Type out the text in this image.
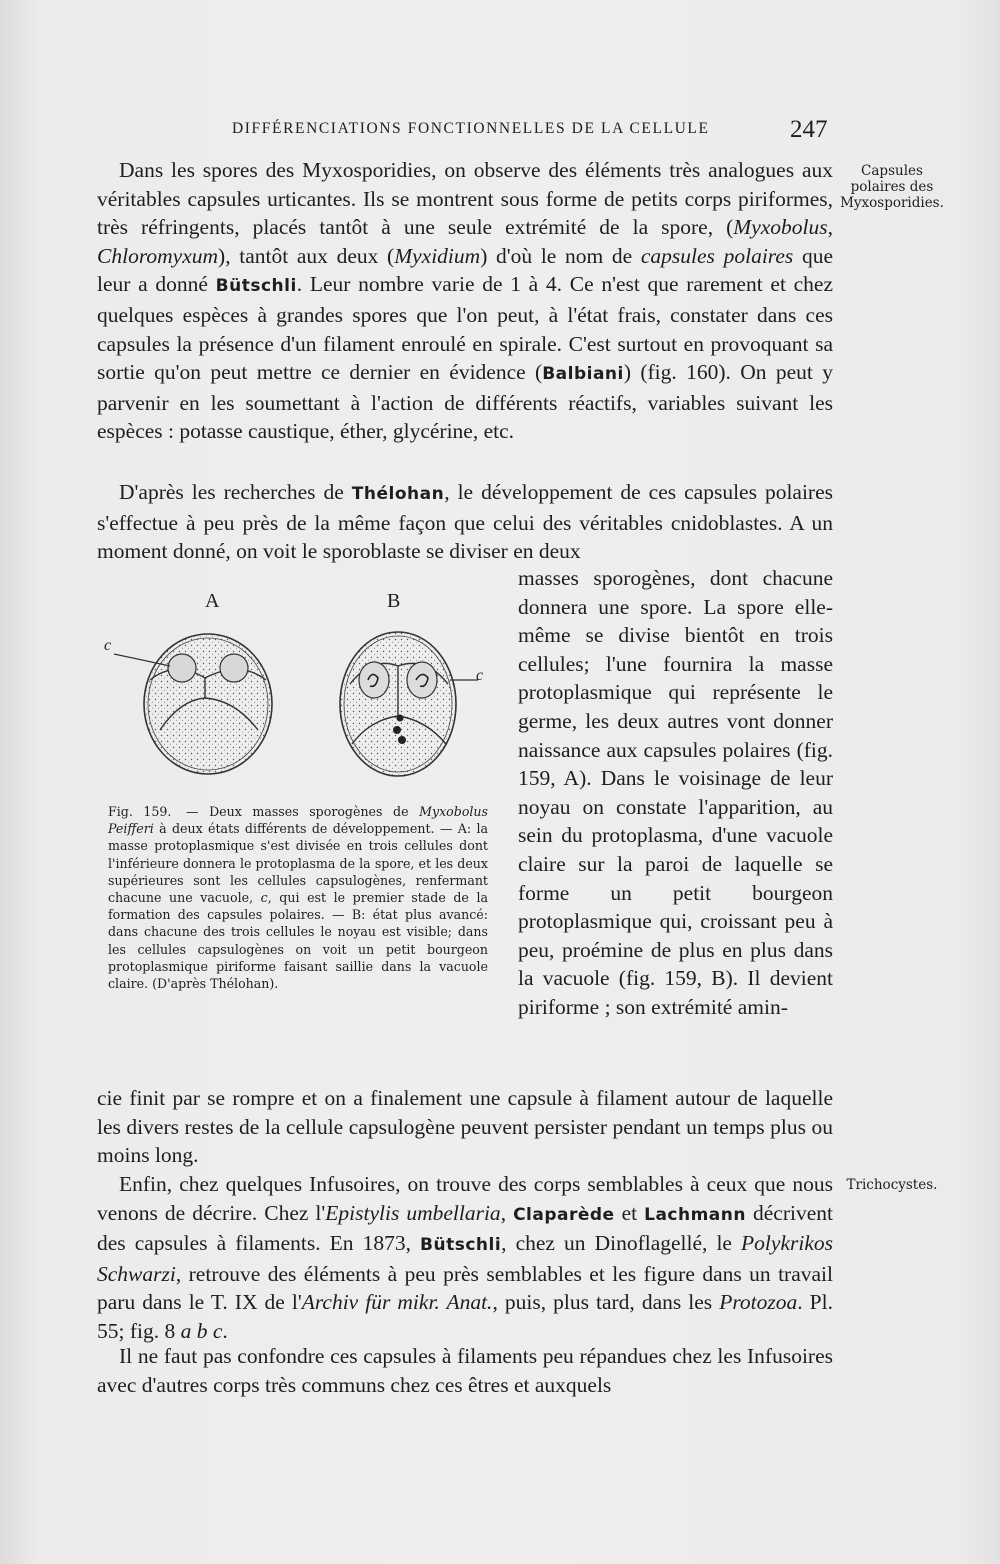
DIFFÉRENCIATIONS FONCTIONNELLES DE LA CELLULE	247
Capsules
polaires des
Myxosporidies.
Trichocystes.

Dans les spores des Myxosporidies, on observe des éléments très analogues aux véritables capsules urticantes. Ils se montrent sous forme de petits corps piriformes, très réfringents, placés tantôt à une seule extrémité de la spore, (Myxobolus, Chloromyxum), tantôt aux deux (Myxidium) d'où le nom de capsules polaires que leur a donné Bütschli. Leur nombre varie de 1 à 4. Ce n'est que rarement et chez quelques espèces à grandes spores que l'on peut, à l'état frais, constater dans ces capsules la présence d'un filament enroulé en spirale. C'est surtout en provoquant sa sortie qu'on peut mettre ce dernier en évidence (Balbiani) (fig. 160). On peut y parvenir en les soumettant à l'action de différents réactifs, variables suivant les espèces : potasse caustique, éther, glycérine, etc.

D'après les recherches de Thélohan, le développement de ces capsules polaires s'effectue à peu près de la même façon que celui des véritables cnidoblastes. A un moment donné, on voit le sporoblaste se diviser en deux

A	B
c
c

Fig. 159. — Deux masses sporogènes de Myxobolus Peifferi à deux états différents de développement. — A: la masse protoplasmique s'est divisée en trois cellules dont l'inférieure donnera le protoplasma de la spore, et les deux supérieures sont les cellules capsulogènes, renfermant chacune une vacuole, c, qui est le premier stade de la formation des capsules polaires. — B: état plus avancé: dans chacune des trois cellules le noyau est visible; dans les cellules capsulogènes on voit un petit bourgeon protoplasmique piriforme faisant saillie dans la vacuole claire. (D'après Thélohan).

masses sporogènes, dont chacune donnera une spore. La spore elle-même se divise bientôt en trois cellules; l'une fournira la masse protoplasmique qui représente le germe, les deux autres vont donner naissance aux capsules polaires (fig. 159, A). Dans le voisinage de leur noyau on constate l'apparition, au sein du protoplasma, d'une vacuole claire sur la paroi de laquelle se forme un petit bourgeon protoplasmique qui, croissant peu à peu, proémine de plus en plus dans la vacuole (fig. 159, B). Il devient piriforme ; son extrémité amin-

cie finit par se rompre et on a finalement une capsule à filament autour de laquelle les divers restes de la cellule capsulogène peuvent persister pendant un temps plus ou moins long.

Enfin, chez quelques Infusoires, on trouve des corps semblables à ceux que nous venons de décrire. Chez l'Epistylis umbellaria, Claparède et Lachmann décrivent des capsules à filaments. En 1873, Bütschli, chez un Dinoflagellé, le Polykrikos Schwarzi, retrouve des éléments à peu près semblables et les figure dans un travail paru dans le T. IX de l'Archiv für mikr. Anat., puis, plus tard, dans les Protozoa. Pl. 55; fig. 8 a b c.

Il ne faut pas confondre ces capsules à filaments peu répandues chez les Infusoires avec d'autres corps très communs chez ces êtres et auxquels
